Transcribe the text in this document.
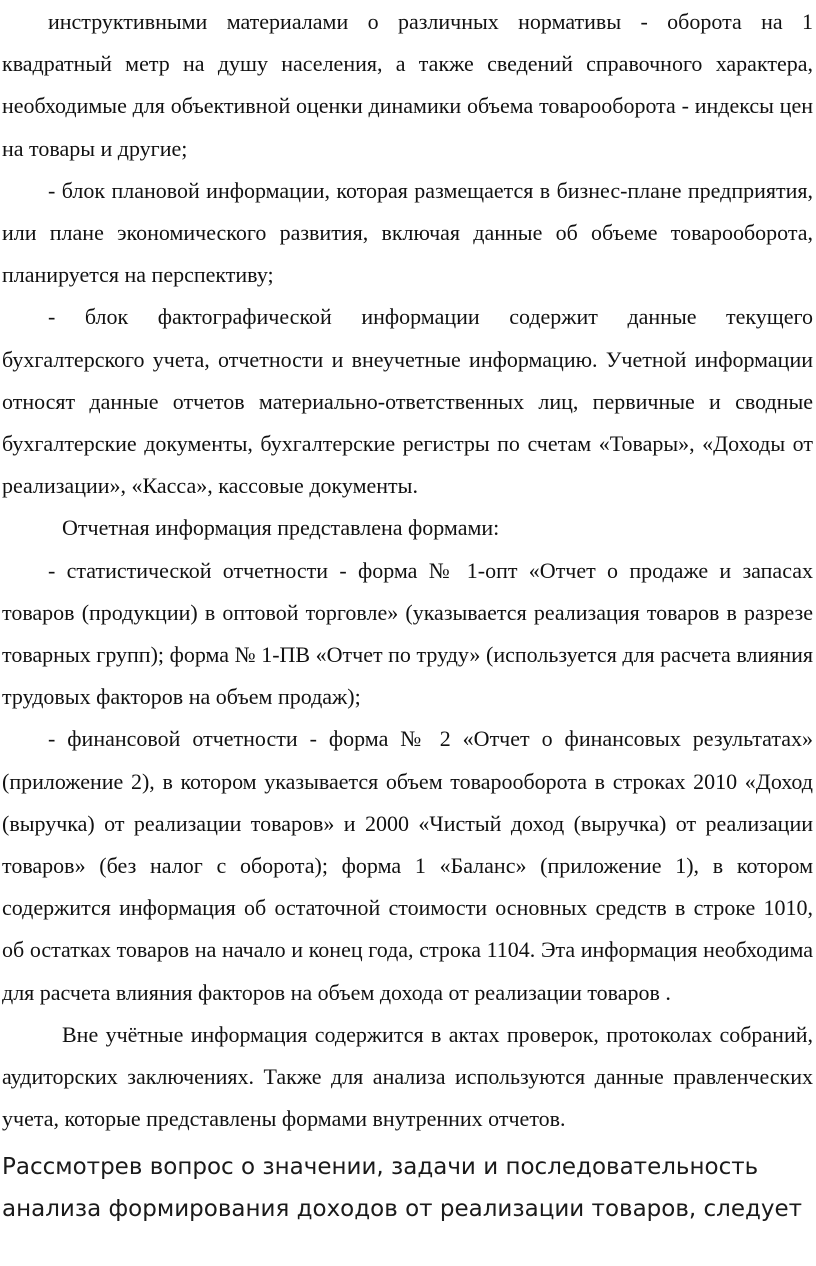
инструктивными материалами о различных нормативы - оборота на 1 квадратный метр на душу населения, а также сведений справочного характера, необходимые для объективной оценки динамики объема товарооборота - индексы цен на товары и другие;

- блок плановой информации, которая размещается в бизнес-плане предприятия, или плане экономического развития, включая данные об объеме товарооборота, планируется на перспективу;

- блок фактографической информации содержит данные текущего бухгалтерского учета, отчетности и внеучетные информацию. Учетной информации относят данные отчетов материально-ответственных лиц, первичные и сводные бухгалтерские документы, бухгалтерские регистры по счетам «Товары», «Доходы от реализации», «Касса», кассовые документы.

Отчетная информация представлена формами:

- статистической отчетности - форма № 1-опт «Отчет о продаже и запасах товаров (продукции) в оптовой торговле» (указывается реализация товаров в разрезе товарных групп); форма № 1-ПВ «Отчет по труду» (используется для расчета влияния трудовых факторов на объем продаж);

- финансовой отчетности - форма № 2 «Отчет о финансовых результатах» (приложение 2), в котором указывается объем товарооборота в строках 2010 «Доход (выручка) от реализации товаров» и 2000 «Чистый доход (выручка) от реализации товаров» (без налог с оборота); форма 1 «Баланс» (приложение 1), в котором содержится информация об остаточной стоимости основных средств в строке 1010, об остатках товаров на начало и конец года, строка 1104. Эта информация необходима для расчета влияния факторов на объем дохода от реализации товаров .

Вне учётные информация содержится в актах проверок, протоколах собраний, аудиторских заключениях. Также для анализа используются данные правленческих учета, которые представлены формами внутренних отчетов.

Рассмотрев вопрос о значении, задачи и последовательность анализа формирования доходов от реализации товаров, следует
